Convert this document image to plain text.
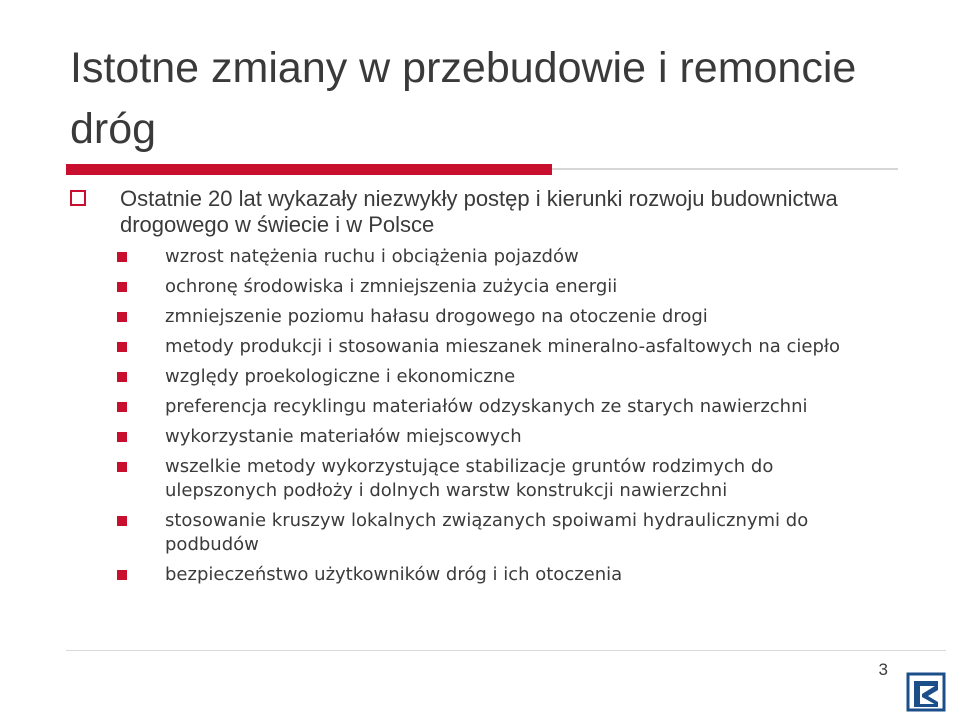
Istotne zmiany w przebudowie i remoncie dróg
Ostatnie 20 lat wykazały niezwykły postęp i kierunki rozwoju budownictwa drogowego w świecie i w Polsce
wzrost natężenia ruchu i obciążenia pojazdów
ochronę środowiska i zmniejszenia zużycia energii
zmniejszenie poziomu hałasu drogowego na otoczenie drogi
metody produkcji i stosowania mieszanek mineralno-asfaltowych na ciepło
względy proekologiczne i ekonomiczne
preferencja recyklingu materiałów odzyskanych ze starych nawierzchni
wykorzystanie materiałów miejscowych
wszelkie metody wykorzystujące stabilizacje gruntów rodzimych do ulepszonych podłoży i dolnych warstw konstrukcji nawierzchni
stosowanie kruszyw lokalnych związanych spoiwami hydraulicznymi do podbudów
bezpieczeństwo użytkowników dróg i ich otoczenia
3
